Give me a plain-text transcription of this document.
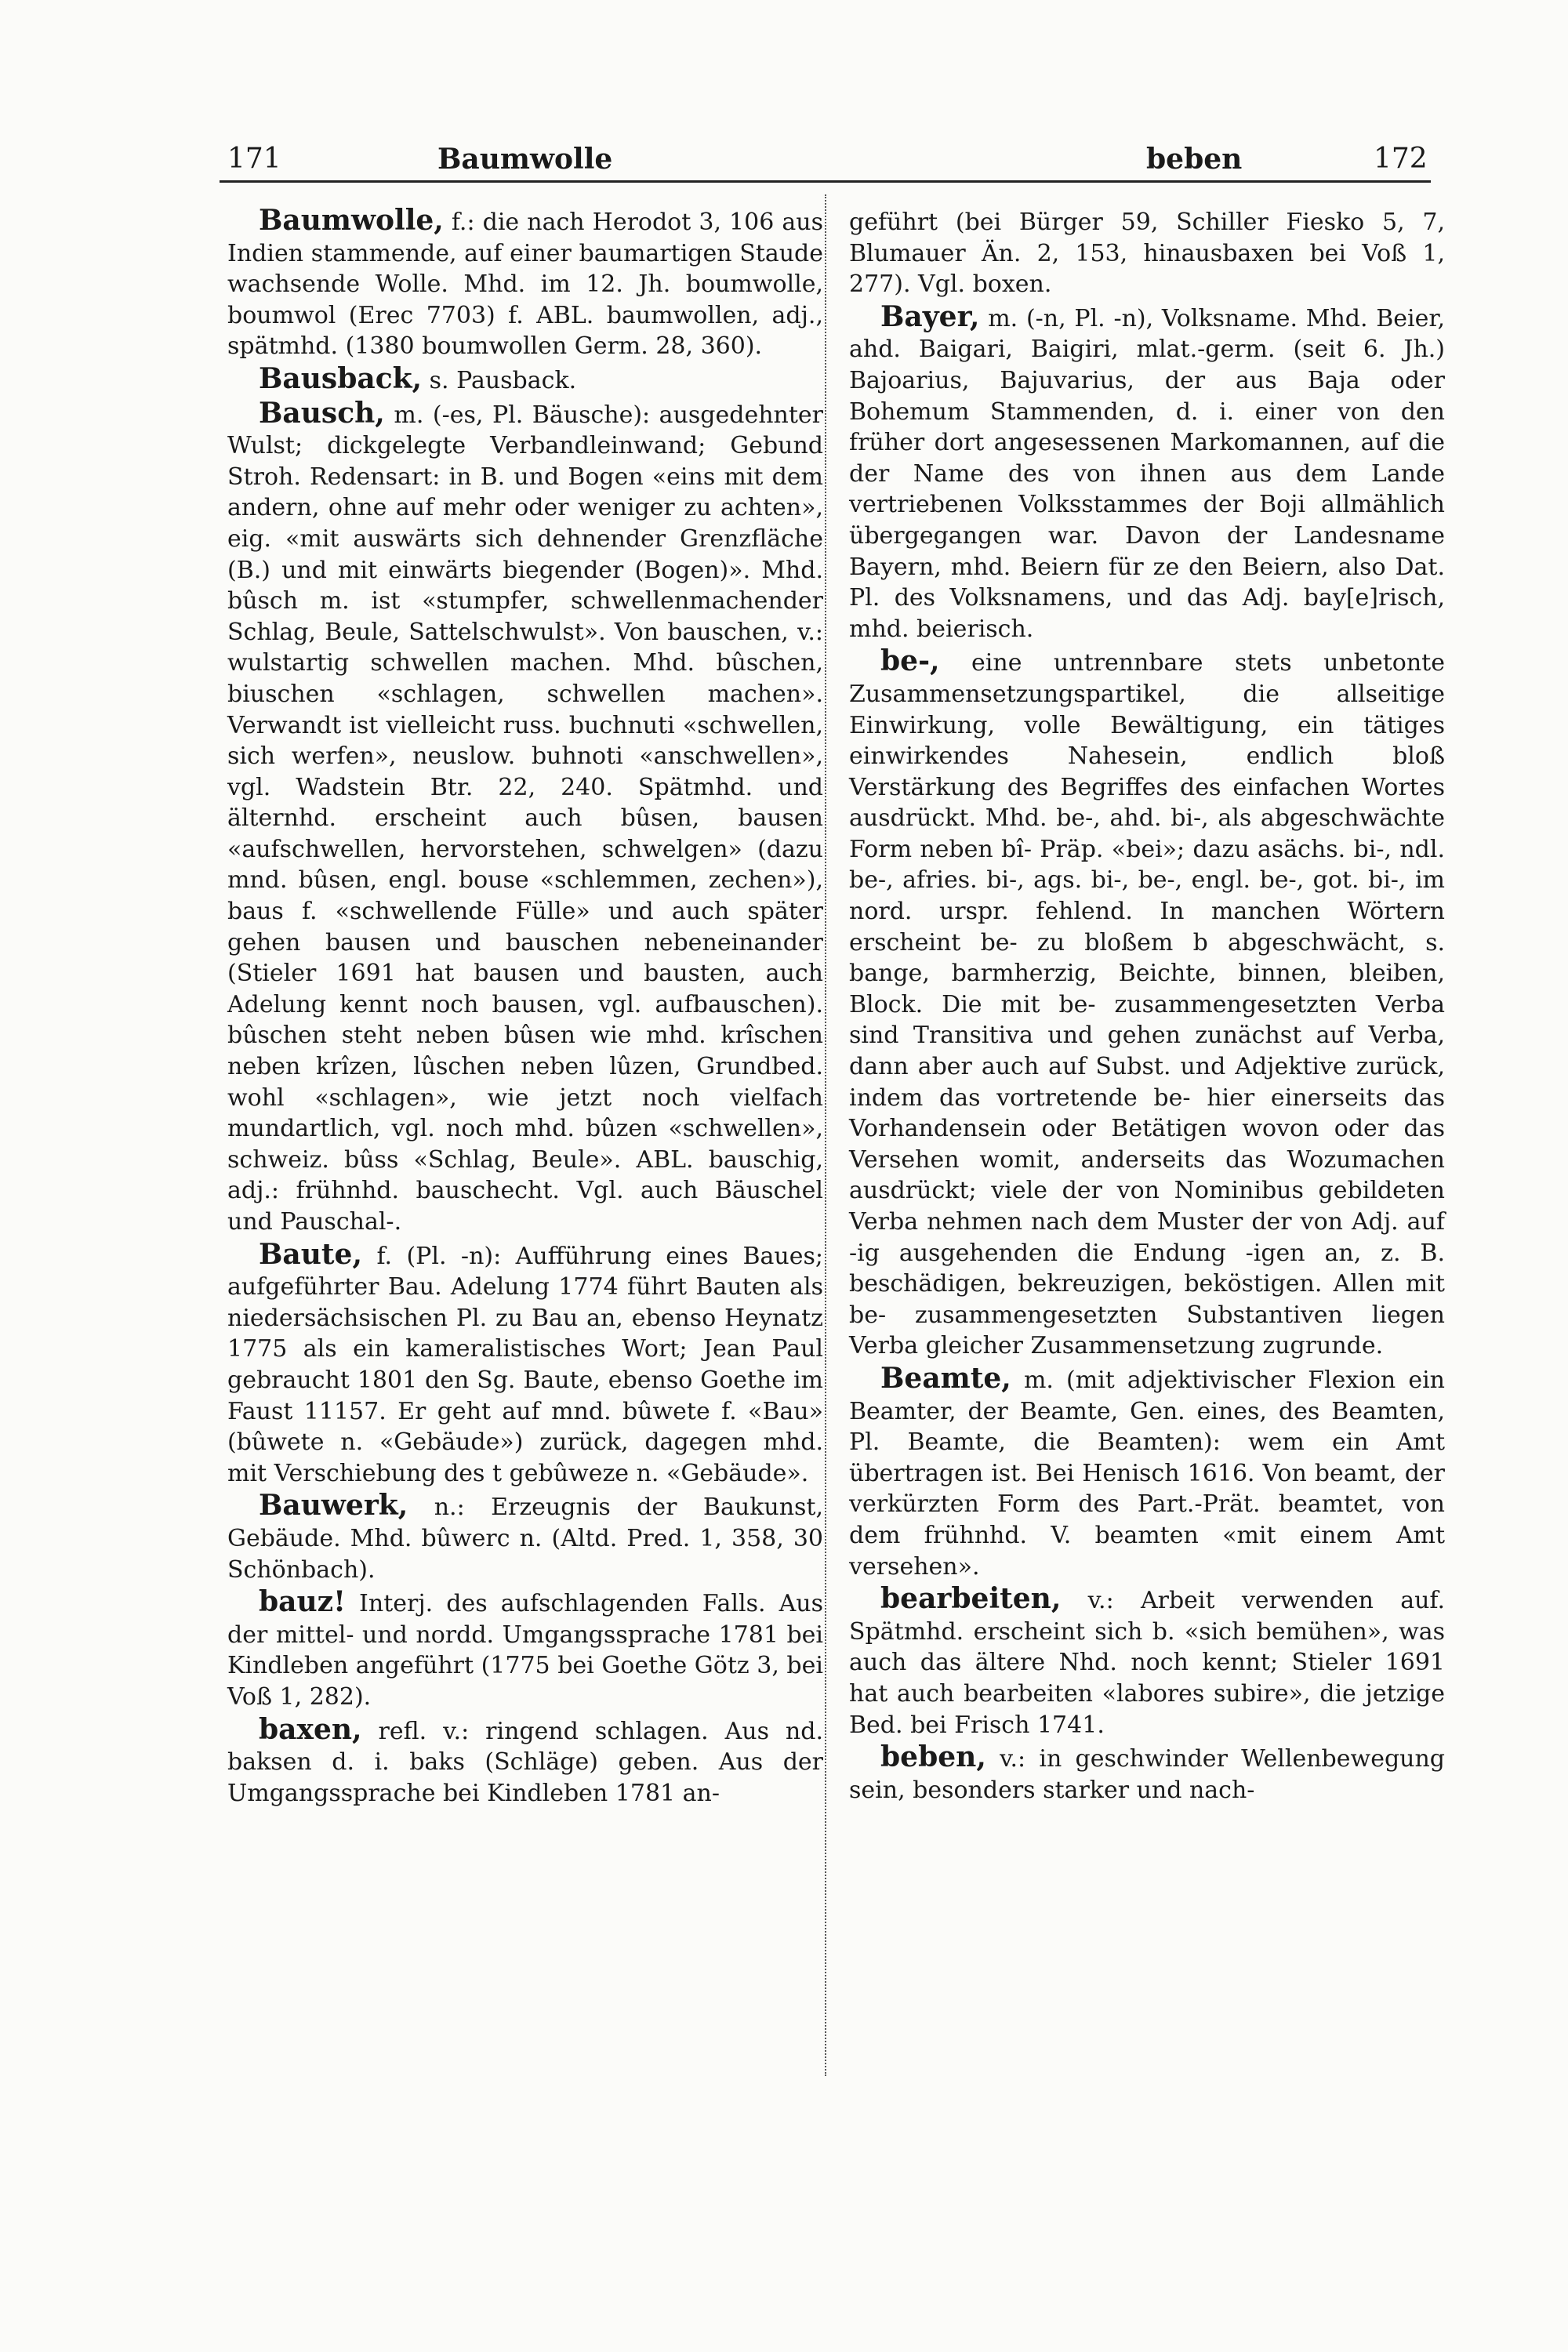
171	Baumwolle	beben	172

Baumwolle, f.: die nach Herodot 3, 106 aus Indien stammende, auf einer baumartigen Staude wachsende Wolle. Mhd. im 12. Jh. boumwolle, boumwol (Erec 7703) f. ABL. baumwollen, adj., spätmhd. (1380 boumwollen Germ. 28, 360).

Bausback, s. Pausback.

Bausch, m. (-es, Pl. Bäusche): ausgedehnter Wulst; dickgelegte Verbandleinwand; Gebund Stroh. Redensart: in B. und Bogen «eins mit dem andern, ohne auf mehr oder weniger zu achten», eig. «mit auswärts sich dehnender Grenzfläche (B.) und mit einwärts biegender (Bogen)». Mhd. bûsch m. ist «stumpfer, schwellenmachender Schlag, Beule, Sattelschwulst». Von bauschen, v.: wulstartig schwellen machen. Mhd. bûschen, biuschen «schlagen, schwellen machen». Verwandt ist vielleicht russ. buchnuti «schwellen, sich werfen», neuslow. buhnoti «anschwellen», vgl. Wadstein Btr. 22, 240. Spätmhd. und älternhd. erscheint auch bûsen, bausen «aufschwellen, hervorstehen, schwelgen» (dazu mnd. bûsen, engl. bouse «schlemmen, zechen»), baus f. «schwellende Fülle» und auch später gehen bausen und bauschen nebeneinander (Stieler 1691 hat bausen und bausten, auch Adelung kennt noch bausen, vgl. aufbauschen). bûschen steht neben bûsen wie mhd. krîschen neben krîzen, lûschen neben lûzen, Grundbed. wohl «schlagen», wie jetzt noch vielfach mundartlich, vgl. noch mhd. bûzen «schwellen», schweiz. bûss «Schlag, Beule». ABL. bauschig, adj.: frühnhd. bauschecht. Vgl. auch Bäuschel und Pauschal-.

Baute, f. (Pl. -n): Aufführung eines Baues; aufgeführter Bau. Adelung 1774 führt Bauten als niedersächsischen Pl. zu Bau an, ebenso Heynatz 1775 als ein kameralistisches Wort; Jean Paul gebraucht 1801 den Sg. Baute, ebenso Goethe im Faust 11157. Er geht auf mnd. bûwete f. «Bau» (bûwete n. «Gebäude») zurück, dagegen mhd. mit Verschiebung des t gebûweze n. «Gebäude».

Bauwerk, n.: Erzeugnis der Baukunst, Gebäude. Mhd. bûwerc n. (Altd. Pred. 1, 358, 30 Schönbach).

bauz! Interj. des aufschlagenden Falls. Aus der mittel- und nordd. Umgangssprache 1781 bei Kindleben angeführt (1775 bei Goethe Götz 3, bei Voß 1, 282).

baxen, refl. v.: ringend schlagen. Aus nd. baksen d. i. baks (Schläge) geben. Aus der Umgangssprache bei Kindleben 1781 an-

geführt (bei Bürger 59, Schiller Fiesko 5, 7, Blumauer Än. 2, 153, hinausbaxen bei Voß 1, 277). Vgl. boxen.

Bayer, m. (-n, Pl. -n), Volksname. Mhd. Beier, ahd. Baigari, Baigiri, mlat.-germ. (seit 6. Jh.) Bajoarius, Bajuvarius, der aus Baja oder Bohemum Stammenden, d. i. einer von den früher dort angesessenen Markomannen, auf die der Name des von ihnen aus dem Lande vertriebenen Volksstammes der Boji allmählich übergegangen war. Davon der Landesname Bayern, mhd. Beiern für ze den Beiern, also Dat. Pl. des Volksnamens, und das Adj. bay[e]risch, mhd. beierisch.

be-, eine untrennbare stets unbetonte Zusammensetzungspartikel, die allseitige Einwirkung, volle Bewältigung, ein tätiges einwirkendes Nahesein, endlich bloß Verstärkung des Begriffes des einfachen Wortes ausdrückt. Mhd. be-, ahd. bi-, als abgeschwächte Form neben bî- Präp. «bei»; dazu asächs. bi-, ndl. be-, afries. bi-, ags. bi-, be-, engl. be-, got. bi-, im nord. urspr. fehlend. In manchen Wörtern erscheint be- zu bloßem b abgeschwächt, s. bange, barmherzig, Beichte, binnen, bleiben, Block. Die mit be- zusammengesetzten Verba sind Transitiva und gehen zunächst auf Verba, dann aber auch auf Subst. und Adjektive zurück, indem das vortretende be- hier einerseits das Vorhandensein oder Betätigen wovon oder das Versehen womit, anderseits das Wozumachen ausdrückt; viele der von Nominibus gebildeten Verba nehmen nach dem Muster der von Adj. auf -ig ausgehenden die Endung -igen an, z. B. beschädigen, bekreuzigen, beköstigen. Allen mit be- zusammengesetzten Substantiven liegen Verba gleicher Zusammensetzung zugrunde.

Beamte, m. (mit adjektivischer Flexion ein Beamter, der Beamte, Gen. eines, des Beamten, Pl. Beamte, die Beamten): wem ein Amt übertragen ist. Bei Henisch 1616. Von beamt, der verkürzten Form des Part.-Prät. beamtet, von dem frühnhd. V. beamten «mit einem Amt versehen».

bearbeiten, v.: Arbeit verwenden auf. Spätmhd. erscheint sich b. «sich bemühen», was auch das ältere Nhd. noch kennt; Stieler 1691 hat auch bearbeiten «labores subire», die jetzige Bed. bei Frisch 1741.

beben, v.: in geschwinder Wellenbewegung sein, besonders starker und nach-
